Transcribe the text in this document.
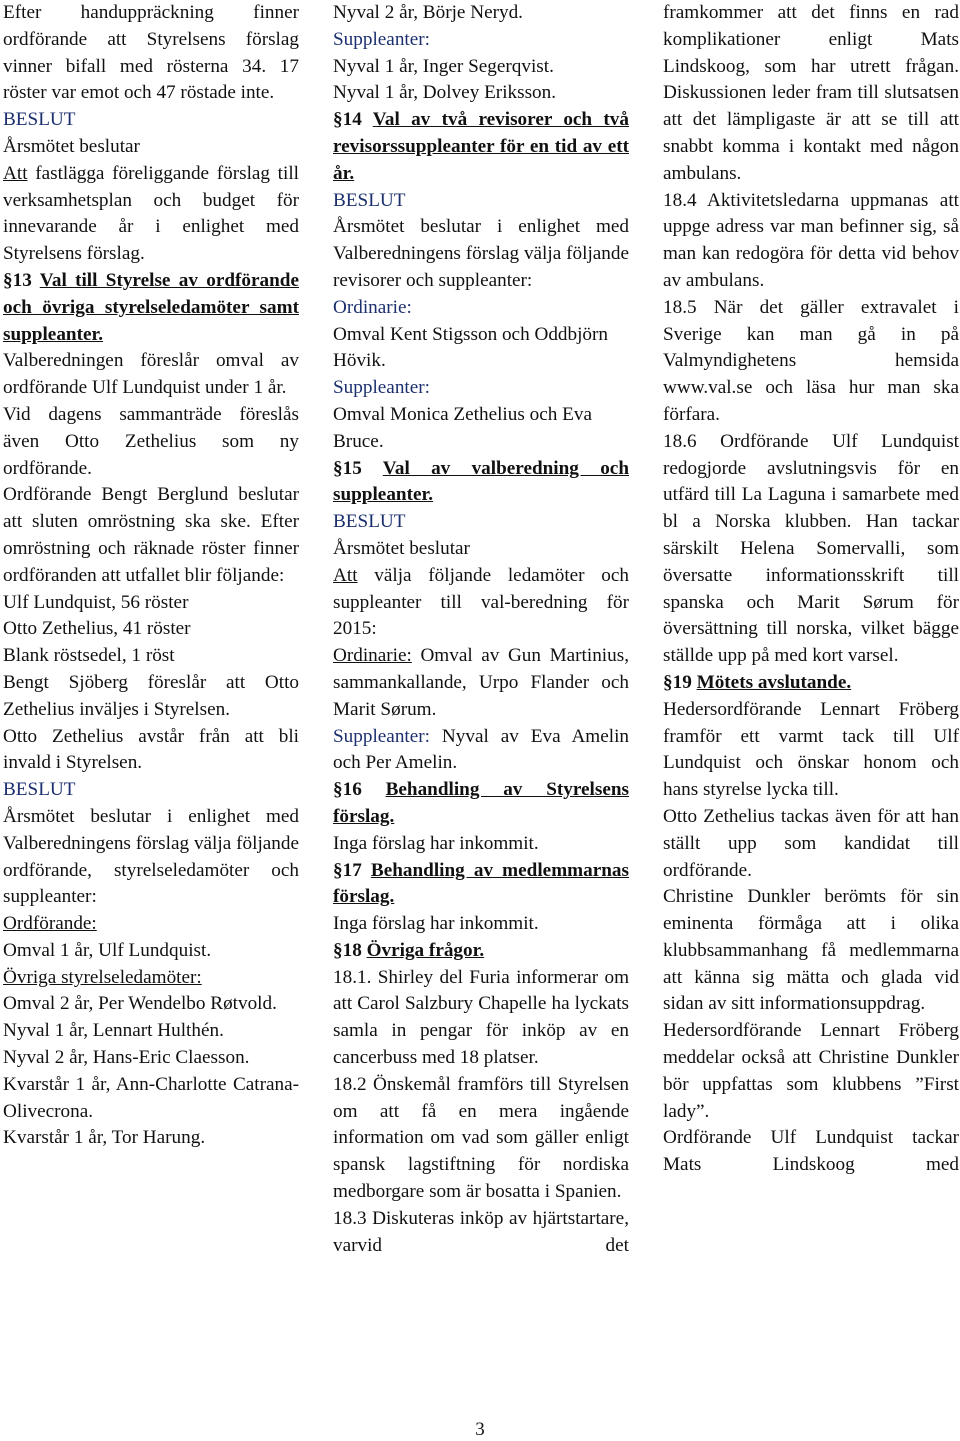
Efter handuppräckning finner ordförande att Styrelsens förslag vinner bifall med rösterna 34. 17 röster var emot och 47 röstade inte.

BESLUT

Årsmötet beslutar

Att fastlägga föreliggande förslag till verksamhetsplan och budget för innevarande år i enlighet med Styrelsens förslag.

§13 Val till Styrelse av ordförande och övriga styrelseledamöter samt suppleanter.

Valberedningen föreslår omval av ordförande Ulf Lundquist under 1 år.

Vid dagens sammanträde föreslås även Otto Zethelius som ny ordförande.

Ordförande Bengt Berglund beslutar att sluten omröstning ska ske. Efter omröstning och räknade röster finner ordföranden att utfallet blir följande:

Ulf Lundquist, 56 röster

Otto Zethelius, 41 röster

Blank röstsedel, 1 röst

Bengt Sjöberg föreslår att Otto Zethelius inväljes i Styrelsen.

Otto Zethelius avstår från att bli invald i Styrelsen.

BESLUT

Årsmötet beslutar i enlighet med Valberedningens förslag välja följande ordförande, styrelseledamöter och suppleanter:

Ordförande:

Omval 1 år, Ulf Lundquist.

Övriga styrelseledamöter:

Omval 2 år, Per Wendelbo Røtvold.

Nyval 1 år, Lennart Hulthén.

Nyval 2 år, Hans-Eric Claesson.

Kvarstår 1 år, Ann-Charlotte Catrana-Olivecrona.

Kvarstår 1 år, Tor Harung.

Nyval 2 år, Börje Neryd.

Suppleanter:

Nyval 1 år, Inger Segerqvist.

Nyval 1 år, Dolvey Eriksson.

§14 Val av två revisorer och två revisorssuppleanter för en tid av ett år.

BESLUT

Årsmötet beslutar i enlighet med Valberedningens förslag välja följande revisorer och suppleanter:

Ordinarie:

Omval Kent Stigsson och Oddbjörn Hövik.

Suppleanter:

Omval Monica Zethelius och Eva Bruce.

§15 Val av valberedning och suppleanter.

BESLUT

Årsmötet beslutar

Att välja följande ledamöter och suppleanter till val-beredning för 2015:

Ordinarie: Omval av Gun Martinius, sammankallande, Urpo Flander och Marit Sørum.

Suppleanter: Nyval av Eva Amelin och Per Amelin.

§16 Behandling av Styrelsens förslag.

Inga förslag har inkommit.

§17 Behandling av medlemmarnas förslag.

Inga förslag har inkommit.

§18 Övriga frågor.

18.1. Shirley del Furia informerar om att Carol Salzbury Chapelle ha lyckats samla in pengar för inköp av en cancerbuss med 18 platser.

18.2 Önskemål framförs till Styrelsen om att få en mera ingående information om vad som gäller enligt spansk lagstiftning för nordiska medborgare som är bosatta i Spanien.

18.3 Diskuteras inköp av hjärtstartare, varvid det

framkommer att det finns en rad komplikationer enligt Mats Lindskoog, som har utrett frågan. Diskussionen leder fram till slutsatsen att det lämpligaste är att se till att snabbt komma i kontakt med någon ambulans.

18.4 Aktivitetsledarna uppmanas att uppge adress var man befinner sig, så man kan redogöra för detta vid behov av ambulans.

18.5 När det gäller extravalet i Sverige kan man gå in på Valmyndighetens hemsida www.val.se och läsa hur man ska förfara.

18.6 Ordförande Ulf Lundquist redogjorde avslutningsvis för en utfärd till La Laguna i samarbete med bl a Norska klubben. Han tackar särskilt Helena Somervalli, som översatte informationsskrift till spanska och Marit Sørum för översättning till norska, vilket bägge ställde upp på med kort varsel.

§19 Mötets avslutande.

Hedersordförande Lennart Fröberg framför ett varmt tack till Ulf Lundquist och önskar honom och hans styrelse lycka till.

Otto Zethelius tackas även för att han ställt upp som kandidat till ordförande.

Christine Dunkler berömts för sin eminenta förmåga att i olika klubbsammanhang få medlemmarna att känna sig mätta och glada vid sidan av sitt informationsuppdrag.

Hedersordförande Lennart Fröberg meddelar också att Christine Dunkler bör uppfattas som klubbens ”First lady”.

Ordförande Ulf Lundquist tackar Mats Lindskoog med

3
